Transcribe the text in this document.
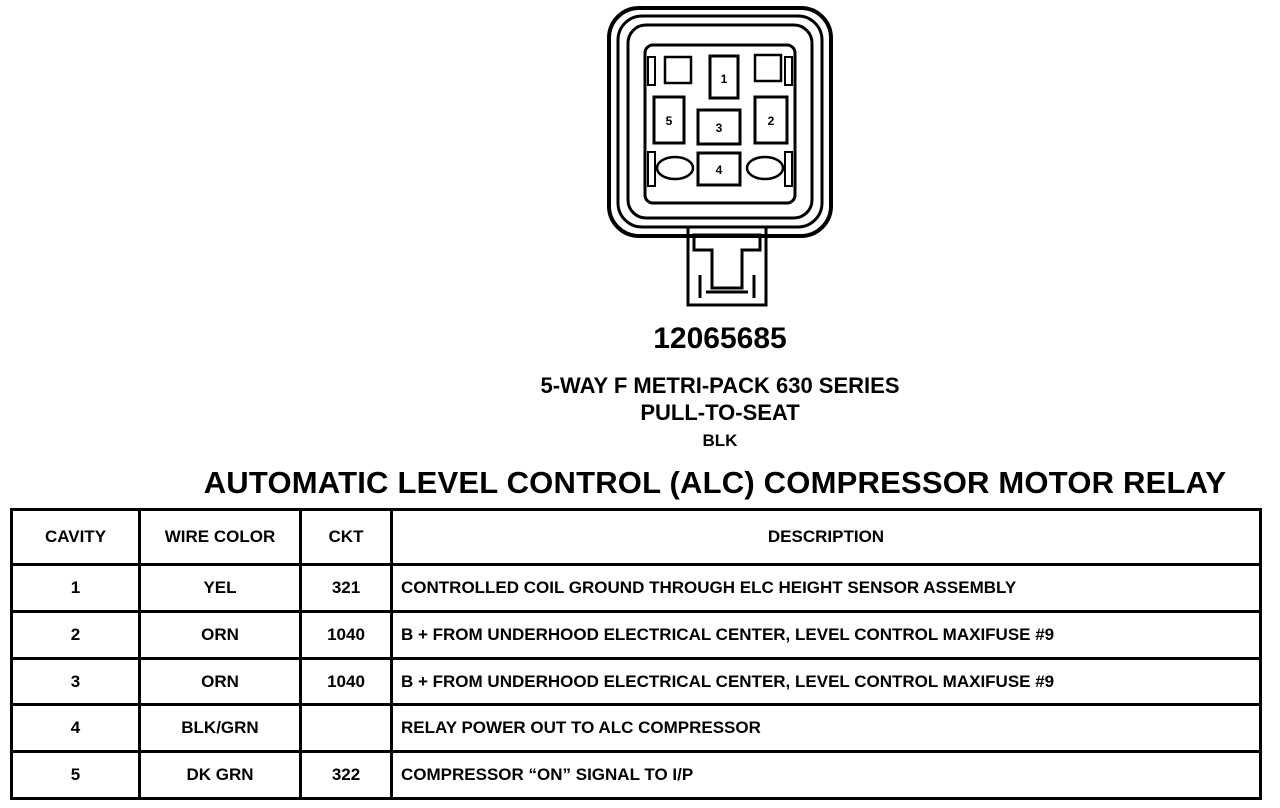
1
2
3
4
5
12065685
5-WAY F METRI-PACK 630 SERIES
PULL-TO-SEAT
BLK
AUTOMATIC LEVEL CONTROL (ALC) COMPRESSOR MOTOR RELAY
CAVITY	WIRE COLOR	CKT	DESCRIPTION
1	YEL	321	CONTROLLED COIL GROUND THROUGH ELC HEIGHT SENSOR ASSEMBLY
2	ORN	1040	B + FROM UNDERHOOD ELECTRICAL CENTER, LEVEL CONTROL MAXIFUSE #9
3	ORN	1040	B + FROM UNDERHOOD ELECTRICAL CENTER, LEVEL CONTROL MAXIFUSE #9
4	BLK/GRN		RELAY POWER OUT TO ALC COMPRESSOR
5	DK GRN	322	COMPRESSOR “ON” SIGNAL TO I/P
